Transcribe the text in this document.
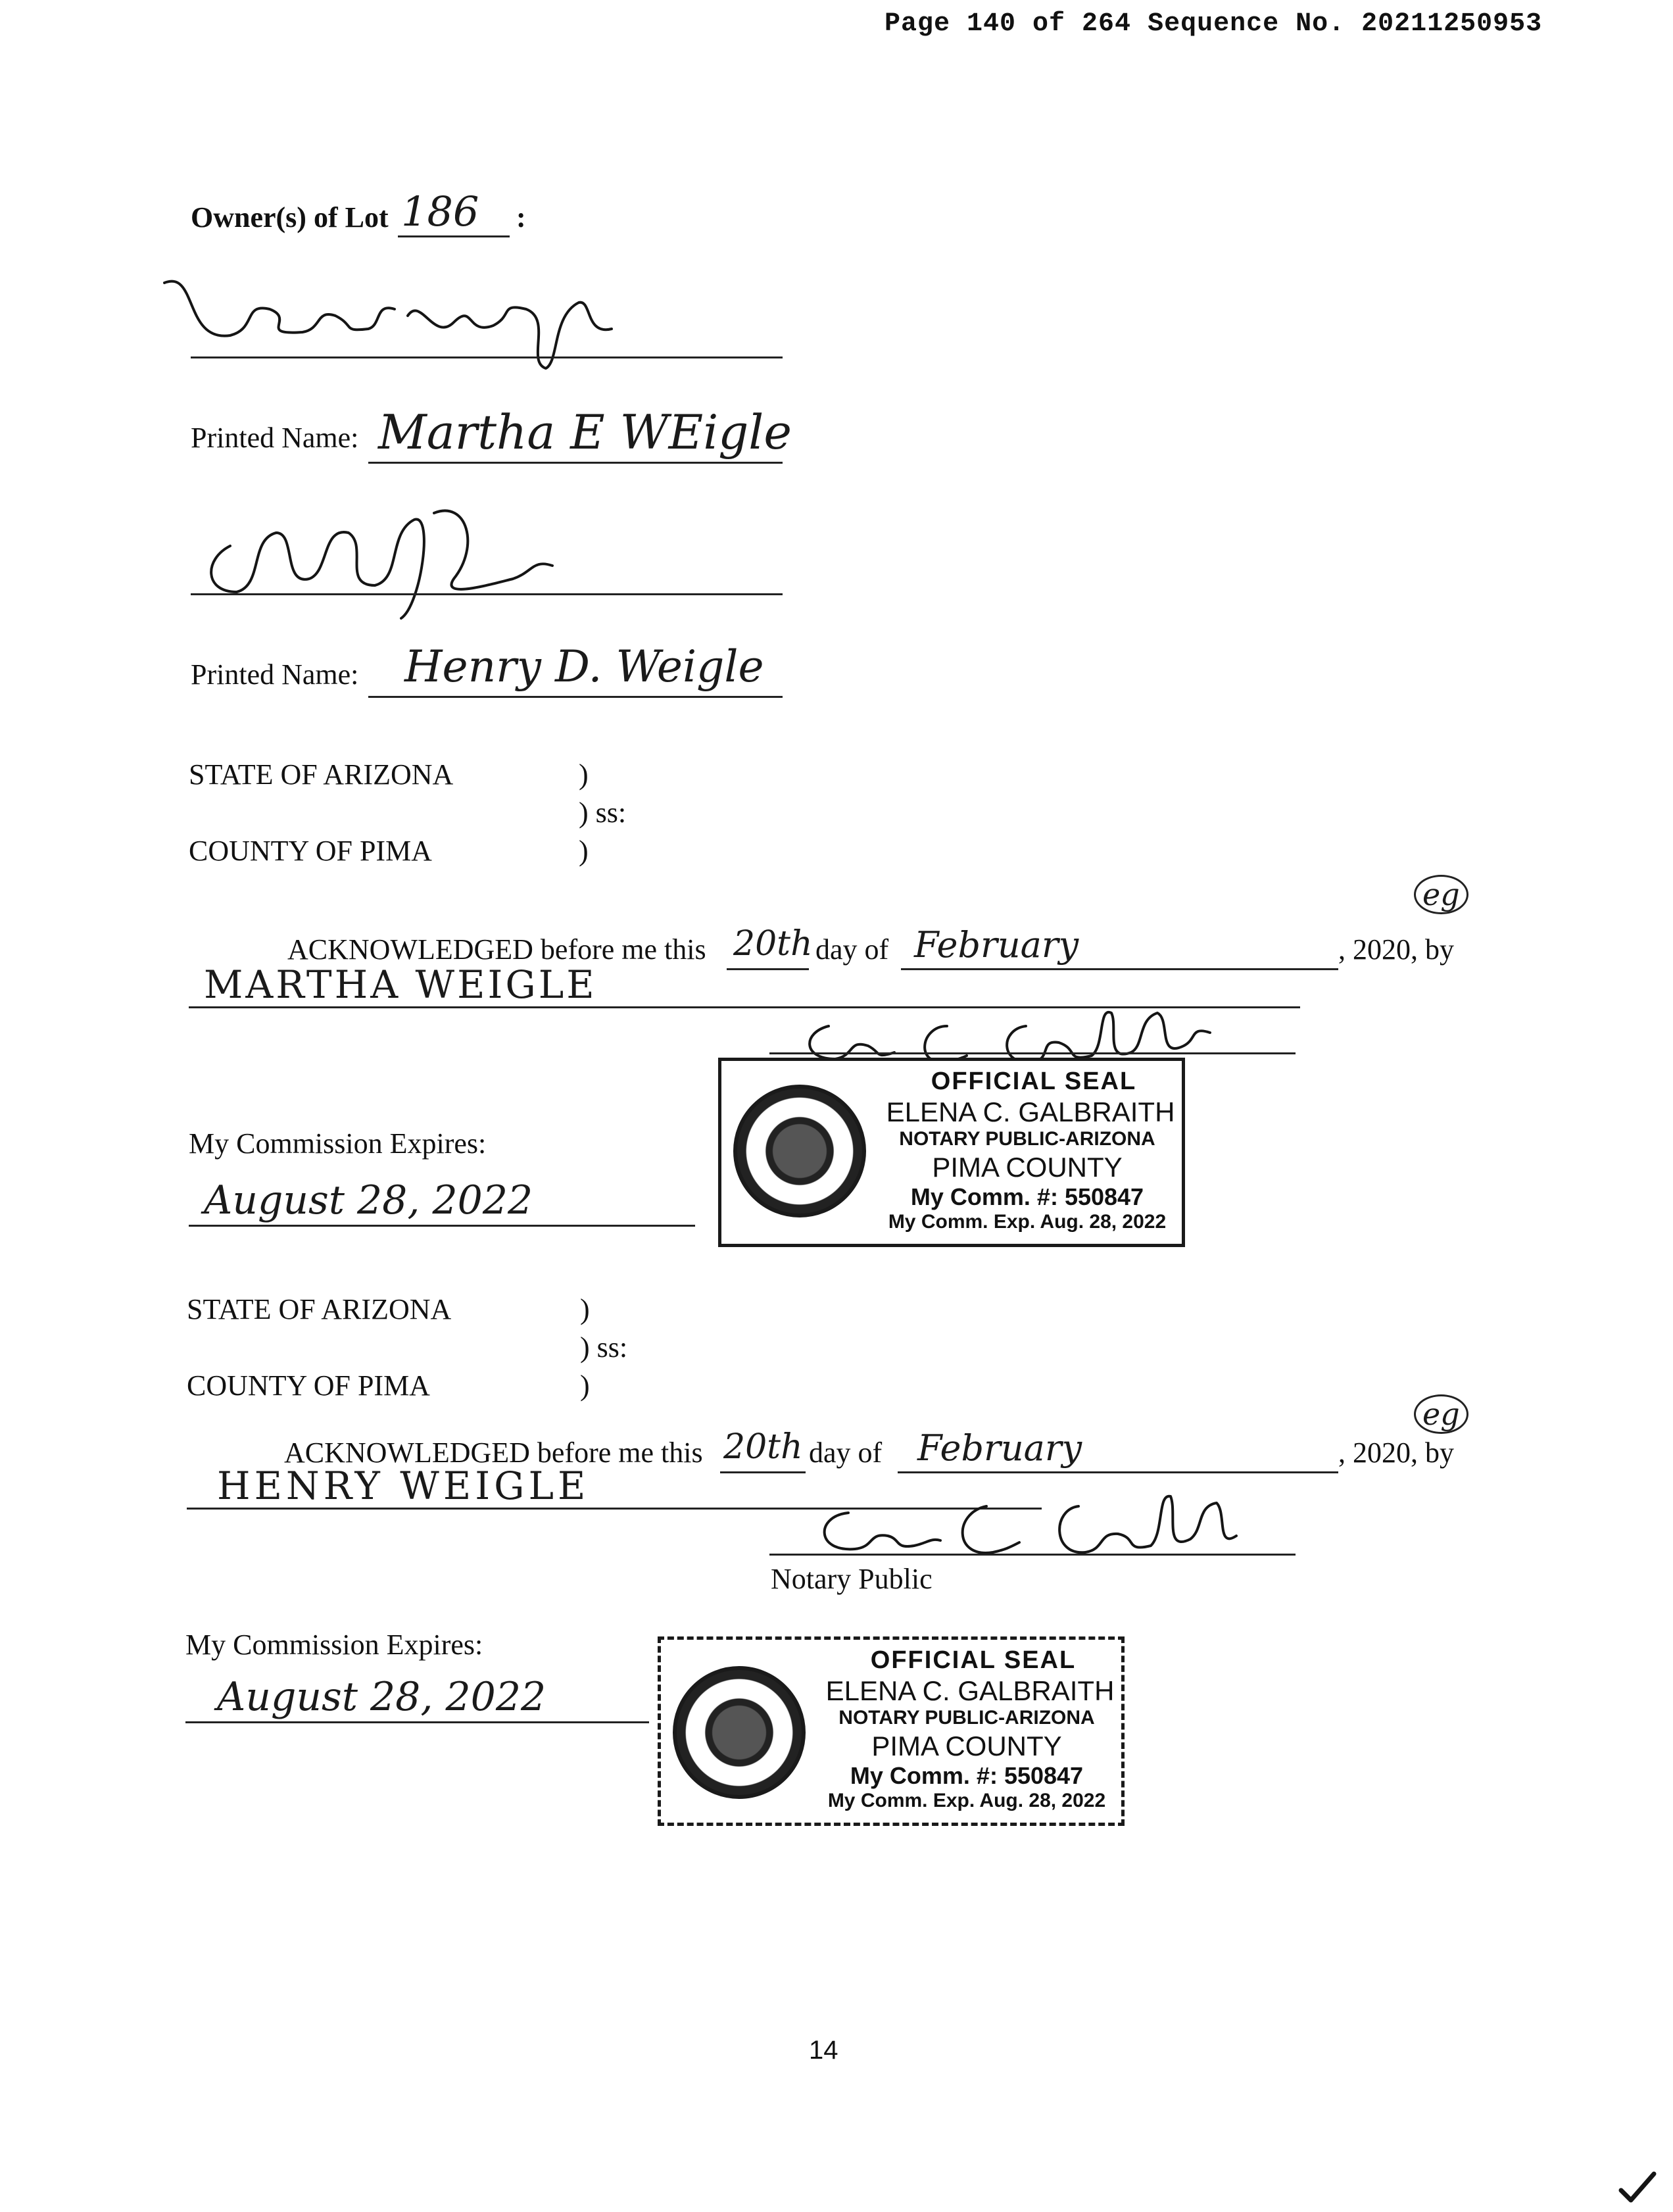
Page 140 of 264 Sequence No. 20211250953
Owner(s) of Lot 186 :
Printed Name: Martha E WEigle
Printed Name: Henry D. Weigle
STATE OF ARIZONA	)
) ss:
COUNTY OF PIMA	)
eg
ACKNOWLEDGED before me this 20th day of February	, 2020, by
MARTHA WEIGLE
My Commission Expires:
August 28, 2022
OFFICIAL SEAL
ELENA C. GALBRAITH
NOTARY PUBLIC-ARIZONA
PIMA COUNTY
My Comm. #: 550847
My Comm. Exp. Aug. 28, 2022
STATE OF ARIZONA	)
) ss:
COUNTY OF PIMA	)
eg
ACKNOWLEDGED before me this 20th day of February	, 2020, by
HENRY WEIGLE
Notary Public
My Commission Expires:
August 28, 2022
OFFICIAL SEAL
ELENA C. GALBRAITH
NOTARY PUBLIC-ARIZONA
PIMA COUNTY
My Comm. #: 550847
My Comm. Exp. Aug. 28, 2022
14
